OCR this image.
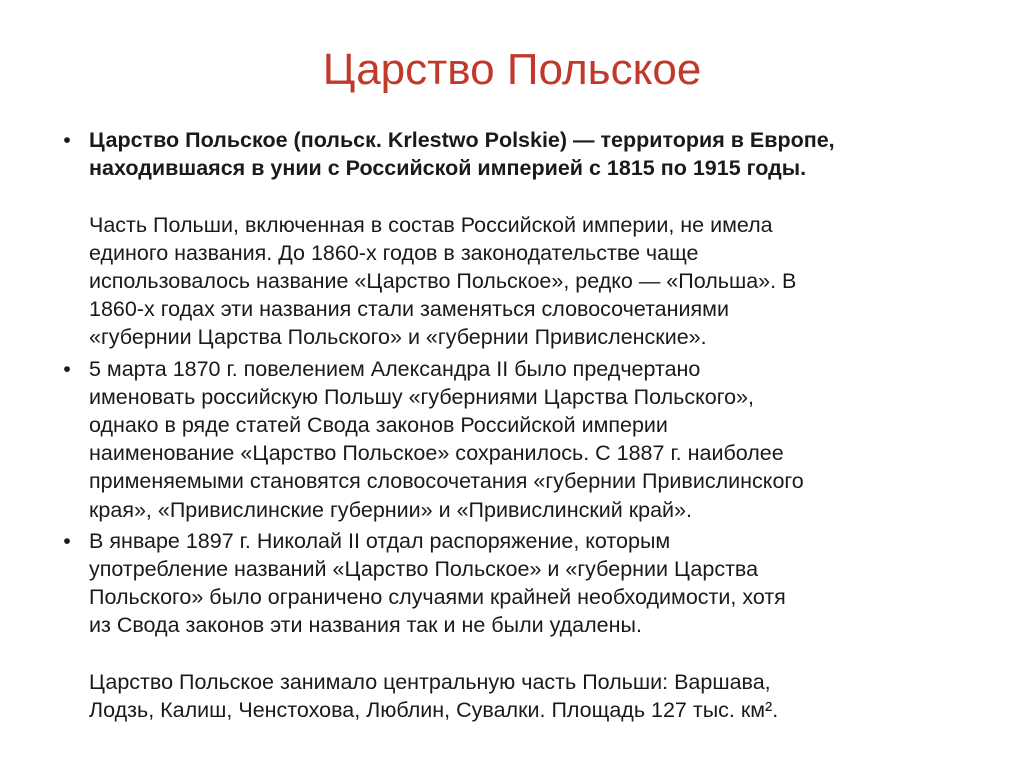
Царство Польское
• Царство Польское (польск. Krlestwo Polskie) — территория в Европе,
находившаяся в унии с Российской империей с 1815 по 1915 годы.
Часть Польши, включенная в состав Российской империи, не имела
единого названия. До 1860-х годов в законодательстве чаще
использовалось название «Царство Польское», редко — «Польша». В
1860-х годах эти названия стали заменяться словосочетаниями
«губернии Царства Польского» и «губернии Привисленские».
• 5 марта 1870 г. повелением Александра II было предчертано
именовать российскую Польшу «губерниями Царства Польского»,
однако в ряде статей Свода законов Российской империи
наименование «Царство Польское» сохранилось. С 1887 г. наиболее
применяемыми становятся словосочетания «губернии Привислинского
края», «Привислинские губернии» и «Привислинский край».
• В январе 1897 г. Николай II отдал распоряжение, которым
употребление названий «Царство Польское» и «губернии Царства
Польского» было ограничено случаями крайней необходимости, хотя
из Свода законов эти названия так и не были удалены.
Царство Польское занимало центральную часть Польши: Варшава,
Лодзь, Калиш, Ченстохова, Люблин, Сувалки. Площадь 127 тыс. км².
